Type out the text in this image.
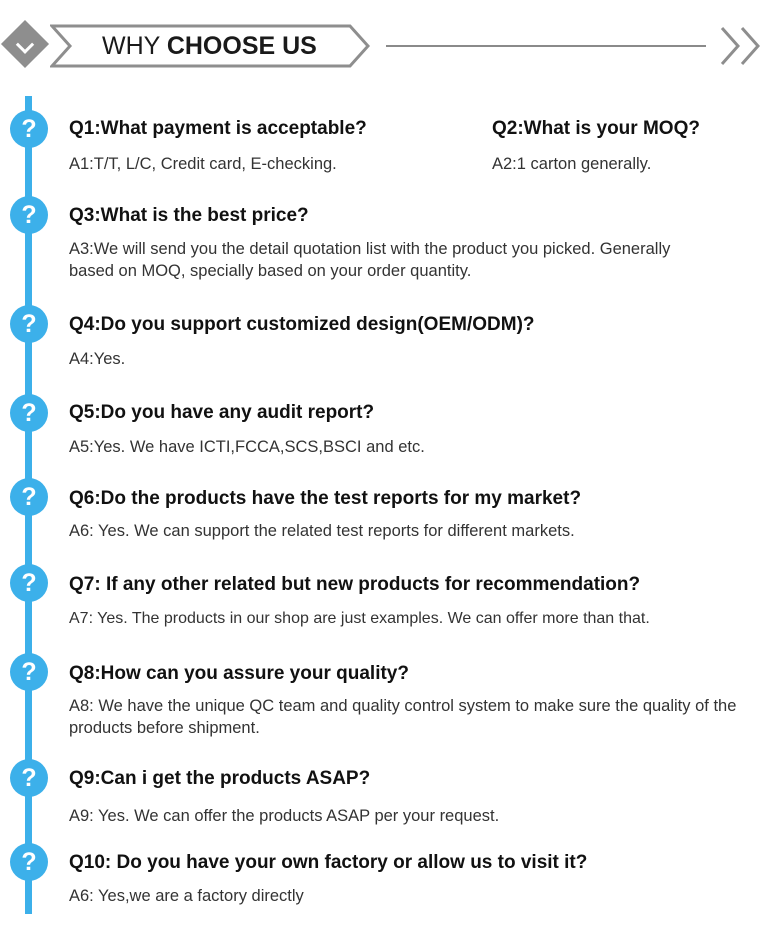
WHY CHOOSE US
?
?
?
?
?
?
?
?
?
Q1:What payment is acceptable?
A1:T/T, L/C, Credit card, E-checking.
Q2:What is your MOQ?
A2:1 carton generally.
Q3:What is the best price?
A3:We will send you the detail quotation list with the product you picked. Generally based on MOQ, specially based on your order quantity.
Q4:Do you support customized design(OEM/ODM)?
A4:Yes.
Q5:Do you have any audit report?
A5:Yes. We have ICTI,FCCA,SCS,BSCI and etc.
Q6:Do the products have the test reports for my market?
A6: Yes. We can support the related test reports for different markets.
Q7: If any other related but new products for recommendation?
A7: Yes. The products in our shop are just examples. We can offer more than that.
Q8:How can you assure your quality?
A8: We have the unique QC team and quality control system to make sure the quality of the products before shipment.
Q9:Can i get the products ASAP?
A9: Yes. We can offer the products ASAP per your request.
Q10: Do you have your own factory or allow us to visit it?
A6: Yes,we are a factory directly
